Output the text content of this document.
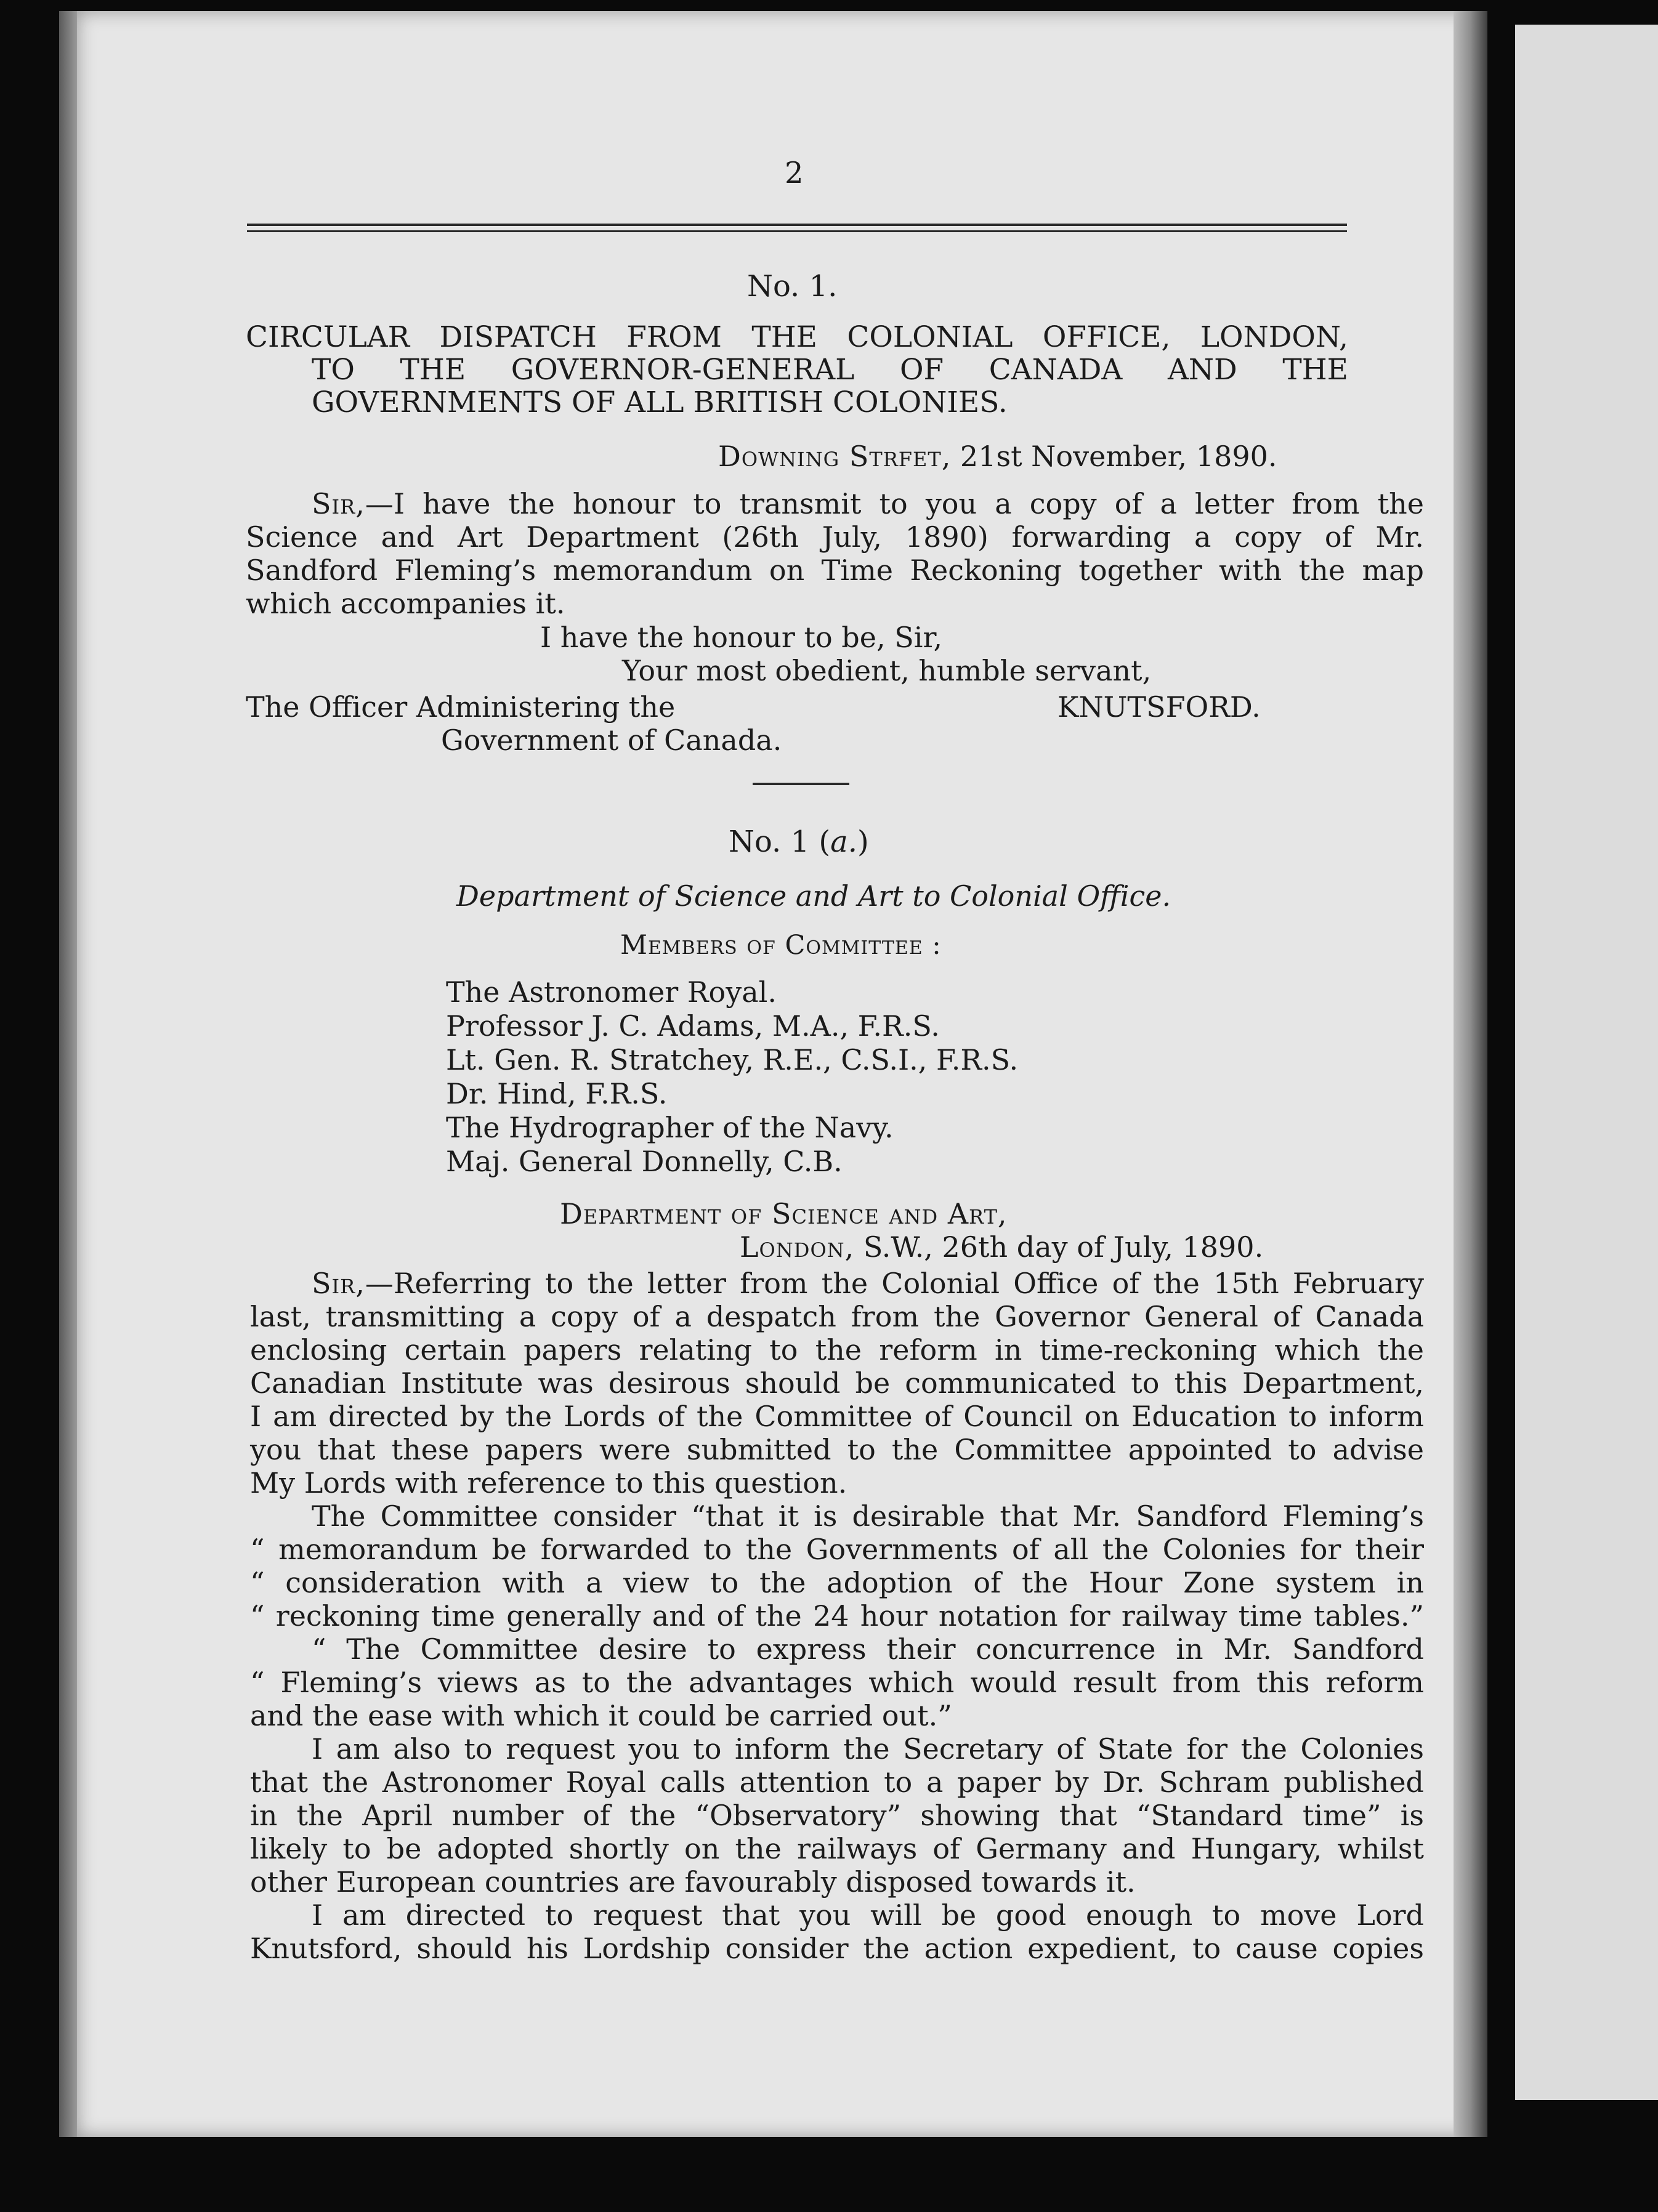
2
No. 1.
CIRCULAR DISPATCH FROM THE COLONIAL OFFICE, LONDON,
TO THE GOVERNOR-GENERAL OF CANADA AND THE
GOVERNMENTS OF ALL BRITISH COLONIES.
Downing Strfet, 21st November, 1890.
Sir,—I have the honour to transmit to you a copy of a letter from the
Science and Art Department (26th July, 1890) forwarding a copy of Mr.
Sandford Fleming’s memorandum on Time Reckoning together with the map
which accompanies it.
I have the honour to be, Sir,
Your most obedient, humble servant,
The Officer Administering the	KNUTSFORD.
Government of Canada.
No. 1 (a.)
Department of Science and Art to Colonial Office.
Members of Committee :
The Astronomer Royal.
Professor J. C. Adams, M.A., F.R.S.
Lt. Gen. R. Stratchey, R.E., C.S.I., F.R.S.
Dr. Hind, F.R.S.
The Hydrographer of the Navy.
Maj. General Donnelly, C.B.
Department of Science and Art,
London, S.W., 26th day of July, 1890.
Sir,—Referring to the letter from the Colonial Office of the 15th February
last, transmitting a copy of a despatch from the Governor General of Canada
enclosing certain papers relating to the reform in time-reckoning which the
Canadian Institute was desirous should be communicated to this Department,
I am directed by the Lords of the Committee of Council on Education to inform
you that these papers were submitted to the Committee appointed to advise
My Lords with reference to this question.
The Committee consider “that it is desirable that Mr. Sandford Fleming’s
“ memorandum be forwarded to the Governments of all the Colonies for their
“ consideration with a view to the adoption of the Hour Zone system in
“ reckoning time generally and of the 24 hour notation for railway time tables.”
“ The Committee desire to express their concurrence in Mr. Sandford
“ Fleming’s views as to the advantages which would result from this reform
and the ease with which it could be carried out.”
I am also to request you to inform the Secretary of State for the Colonies
that the Astronomer Royal calls attention to a paper by Dr. Schram published
in the April number of the “Observatory” showing that “Standard time” is
likely to be adopted shortly on the railways of Germany and Hungary, whilst
other European countries are favourably disposed towards it.
I am directed to request that you will be good enough to move Lord
Knutsford, should his Lordship consider the action expedient, to cause copies
